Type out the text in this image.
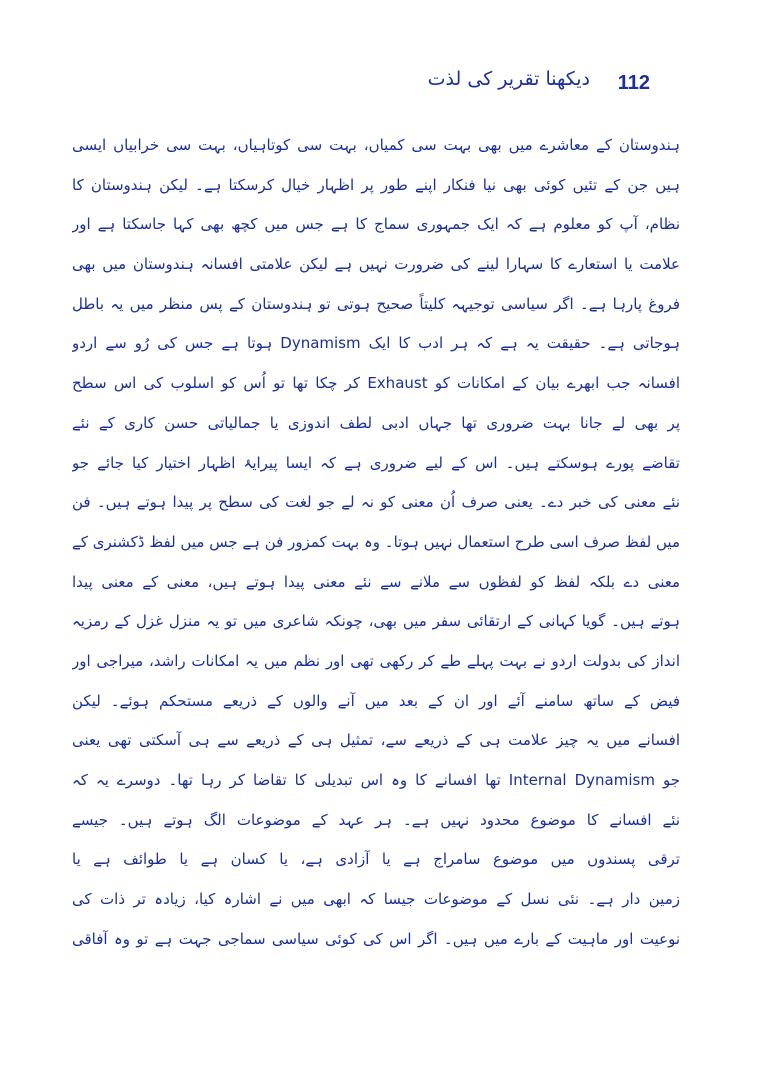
112
دیکھنا تقریر کی لذت
ہندوستان کے معاشرے میں بھی بہت سی کمیاں، بہت سی کوتاہیاں، بہت سی خرابیاں ایسی
ہیں جن کے تئیں کوئی بھی نیا فنکار اپنے طور پر اظہار خیال کرسکتا ہے۔ لیکن ہندوستان کا
نظام، آپ کو معلوم ہے کہ ایک جمہوری سماج کا ہے جس میں کچھ بھی کہا جاسکتا ہے اور
علامت یا استعارے کا سہارا لینے کی ضرورت نہیں ہے لیکن علامتی افسانہ ہندوستان میں بھی
فروغ پارہا ہے۔ اگر سیاسی توجیہہ کلیتاً صحیح ہوتی تو ہندوستان کے پس منظر میں یہ باطل
ہوجاتی ہے۔ حقیقت یہ ہے کہ ہر ادب کا ایک Dynamism ہوتا ہے جس کی رُو سے اردو
افسانہ جب ابھرے بیان کے امکانات کو Exhaust کر چکا تھا تو اُس کو اسلوب کی اس سطح
پر بھی لے جانا بہت ضروری تھا جہاں ادبی لطف اندوزی یا جمالیاتی حسن کاری کے نئے
تقاضے پورے ہوسکتے ہیں۔ اس کے لیے ضروری ہے کہ ایسا پیرایۂ اظہار اختیار کیا جائے جو
نئے معنی کی خبر دے۔ یعنی صرف اُن معنی کو نہ لے جو لغت کی سطح پر پیدا ہوتے ہیں۔ فن
میں لفظ صرف اسی طرح استعمال نہیں ہوتا۔ وہ بہت کمزور فن ہے جس میں لفظ ڈکشنری کے
معنی دے بلکہ لفظ کو لفظوں سے ملانے سے نئے معنی پیدا ہوتے ہیں، معنی کے معنی پیدا
ہوتے ہیں۔ گویا کہانی کے ارتقائی سفر میں بھی، چونکہ شاعری میں تو یہ منزل غزل کے رمزیہ
انداز کی بدولت اردو نے بہت پہلے طے کر رکھی تھی اور نظم میں یہ امکانات راشد، میراجی اور
فیض کے ساتھ سامنے آئے اور ان کے بعد میں آنے والوں کے ذریعے مستحکم ہوئے۔ لیکن
افسانے میں یہ چیز علامت ہی کے ذریعے سے، تمثیل ہی کے ذریعے سے ہی آسکتی تھی یعنی
جو Internal Dynamism تھا افسانے کا وہ اس تبدیلی کا تقاضا کر رہا تھا۔ دوسرے یہ کہ
نئے افسانے کا موضوع محدود نہیں ہے۔ ہر عہد کے موضوعات الگ ہوتے ہیں۔ جیسے
ترقی پسندوں میں موضوع سامراج ہے یا آزادی ہے، یا کسان ہے یا طوائف ہے یا
زمین دار ہے۔ نئی نسل کے موضوعات جیسا کہ ابھی میں نے اشارہ کیا، زیادہ تر ذات کی
نوعیت اور ماہیت کے بارے میں ہیں۔ اگر اس کی کوئی سیاسی سماجی جہت ہے تو وہ آفاقی
